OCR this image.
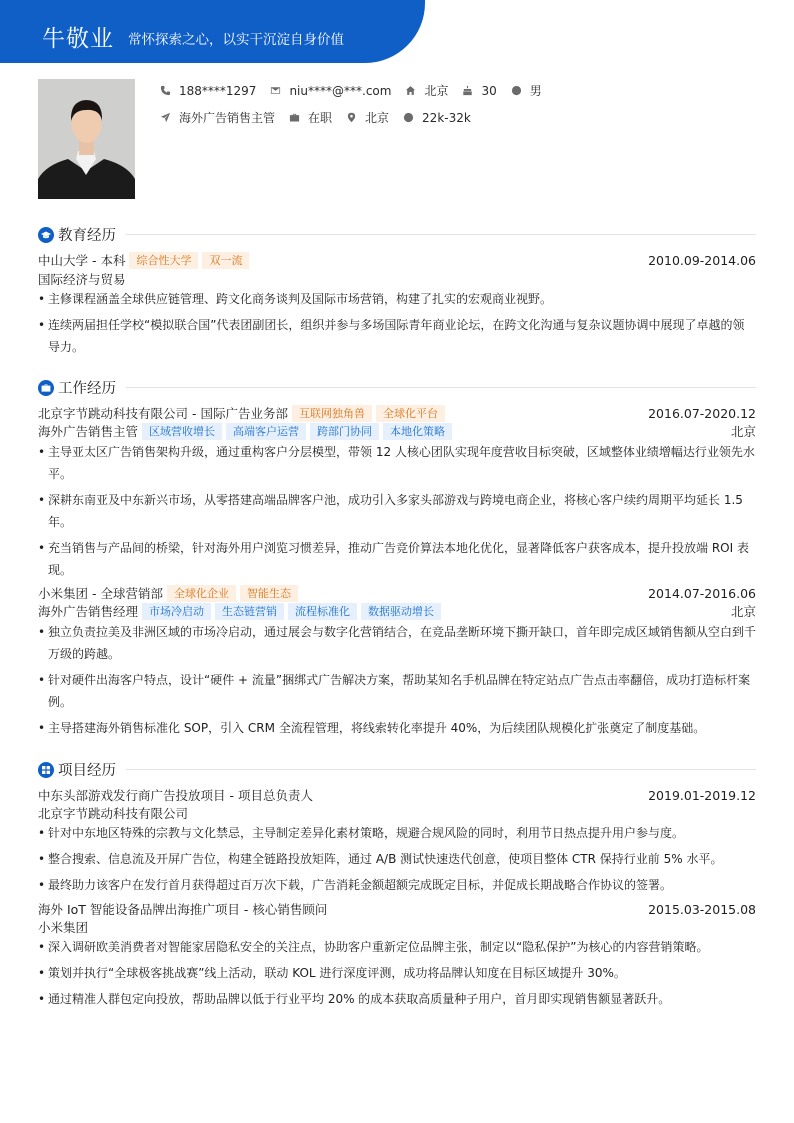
牛敬业 常怀探索之心，以实干沉淀自身价值
188****1297	niu****@***.com	北京	30	男
海外广告销售主管	在职	北京	22k-32k
教育经历
中山大学 - 本科	综合性大学	双一流	2010.09-2014.06
国际经济与贸易
• 主修课程涵盖全球供应链管理、跨文化商务谈判及国际市场营销，构建了扎实的宏观商业视野。
• 连续两届担任学校“模拟联合国”代表团副团长，组织并参与多场国际青年商业论坛，在跨文化沟通与复杂议题协调中展现了卓越的领导力。
工作经历
北京字节跳动科技有限公司 - 国际广告业务部	互联网独角兽	全球化平台	2016.07-2020.12
海外广告销售主管	区域营收增长	高端客户运营	跨部门协同	本地化策略	北京
• 主导亚太区广告销售架构升级，通过重构客户分层模型，带领 12 人核心团队实现年度营收目标突破，区域整体业绩增幅达行业领先水平。
• 深耕东南亚及中东新兴市场，从零搭建高端品牌客户池，成功引入多家头部游戏与跨境电商企业，将核心客户续约周期平均延长 1.5 年。
• 充当销售与产品间的桥梁，针对海外用户浏览习惯差异，推动广告竞价算法本地化优化，显著降低客户获客成本，提升投放端 ROI 表现。
小米集团 - 全球营销部	全球化企业	智能生态	2014.07-2016.06
海外广告销售经理	市场冷启动	生态链营销	流程标准化	数据驱动增长	北京
• 独立负责拉美及非洲区域的市场冷启动，通过展会与数字化营销结合，在竞品垄断环境下撕开缺口，首年即完成区域销售额从空白到千万级的跨越。
• 针对硬件出海客户特点，设计“硬件 + 流量”捆绑式广告解决方案，帮助某知名手机品牌在特定站点广告点击率翻倍，成功打造标杆案例。
• 主导搭建海外销售标准化 SOP，引入 CRM 全流程管理，将线索转化率提升 40%，为后续团队规模化扩张奠定了制度基础。
项目经历
中东头部游戏发行商广告投放项目 - 项目总负责人	2019.01-2019.12
北京字节跳动科技有限公司
• 针对中东地区特殊的宗教与文化禁忌，主导制定差异化素材策略，规避合规风险的同时，利用节日热点提升用户参与度。
• 整合搜索、信息流及开屏广告位，构建全链路投放矩阵，通过 A/B 测试快速迭代创意，使项目整体 CTR 保持行业前 5% 水平。
• 最终助力该客户在发行首月获得超过百万次下载，广告消耗金额超额完成既定目标，并促成长期战略合作协议的签署。
海外 IoT 智能设备品牌出海推广项目 - 核心销售顾问	2015.03-2015.08
小米集团
• 深入调研欧美消费者对智能家居隐私安全的关注点，协助客户重新定位品牌主张，制定以“隐私保护”为核心的内容营销策略。
• 策划并执行“全球极客挑战赛”线上活动，联动 KOL 进行深度评测，成功将品牌认知度在目标区域提升 30%。
• 通过精准人群包定向投放，帮助品牌以低于行业平均 20% 的成本获取高质量种子用户，首月即实现销售额显著跃升。
